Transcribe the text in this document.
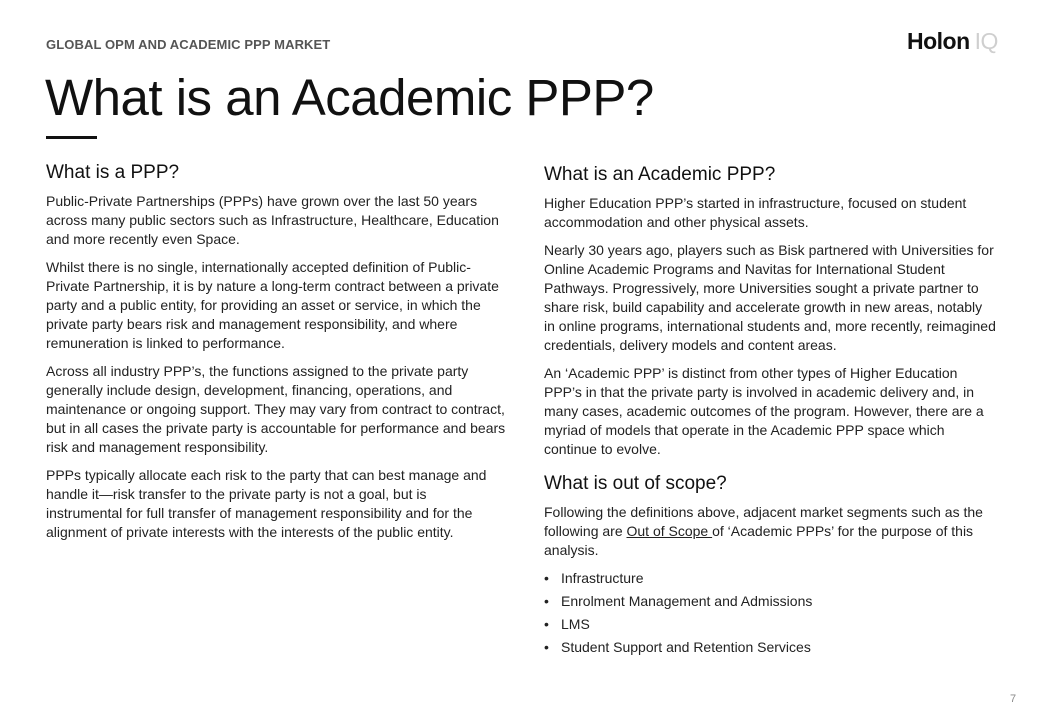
GLOBAL OPM AND ACADEMIC PPP MARKET	Holon IQ
What is an Academic PPP?
What is a PPP?

Public-Private Partnerships (PPPs) have grown over the last 50 years across many public sectors such as Infrastructure, Healthcare, Education and more recently even Space.

Whilst there is no single, internationally accepted definition of Public-Private Partnership, it is by nature a long-term contract between a private party and a public entity, for providing an asset or service, in which the private party bears risk and management responsibility, and where remuneration is linked to performance.

Across all industry PPP’s, the functions assigned to the private party generally include design, development, financing, operations, and maintenance or ongoing support. They may vary from contract to contract, but in all cases the private party is accountable for performance and bears risk and management responsibility.

PPPs typically allocate each risk to the party that can best manage and handle it—risk transfer to the private party is not a goal, but is instrumental for full transfer of management responsibility and for the alignment of private interests with the interests of the public entity.

What is an Academic PPP?

Higher Education PPP’s started in infrastructure, focused on student accommodation and other physical assets.

Nearly 30 years ago, players such as Bisk partnered with Universities for Online Academic Programs and Navitas for International Student Pathways. Progressively, more Universities sought a private partner to share risk, build capability and accelerate growth in new areas, notably in online programs, international students and, more recently, reimagined credentials, delivery models and content areas.

An ‘Academic PPP’ is distinct from other types of Higher Education PPP’s in that the private party is involved in academic delivery and, in many cases, academic outcomes of the program. However, there are a myriad of models that operate in the Academic PPP space which continue to evolve.

What is out of scope?

Following the definitions above, adjacent market segments such as the following are Out of Scope of ‘Academic PPPs’ for the purpose of this analysis.

• Infrastructure
• Enrolment Management and Admissions
• LMS
• Student Support and Retention Services
7
